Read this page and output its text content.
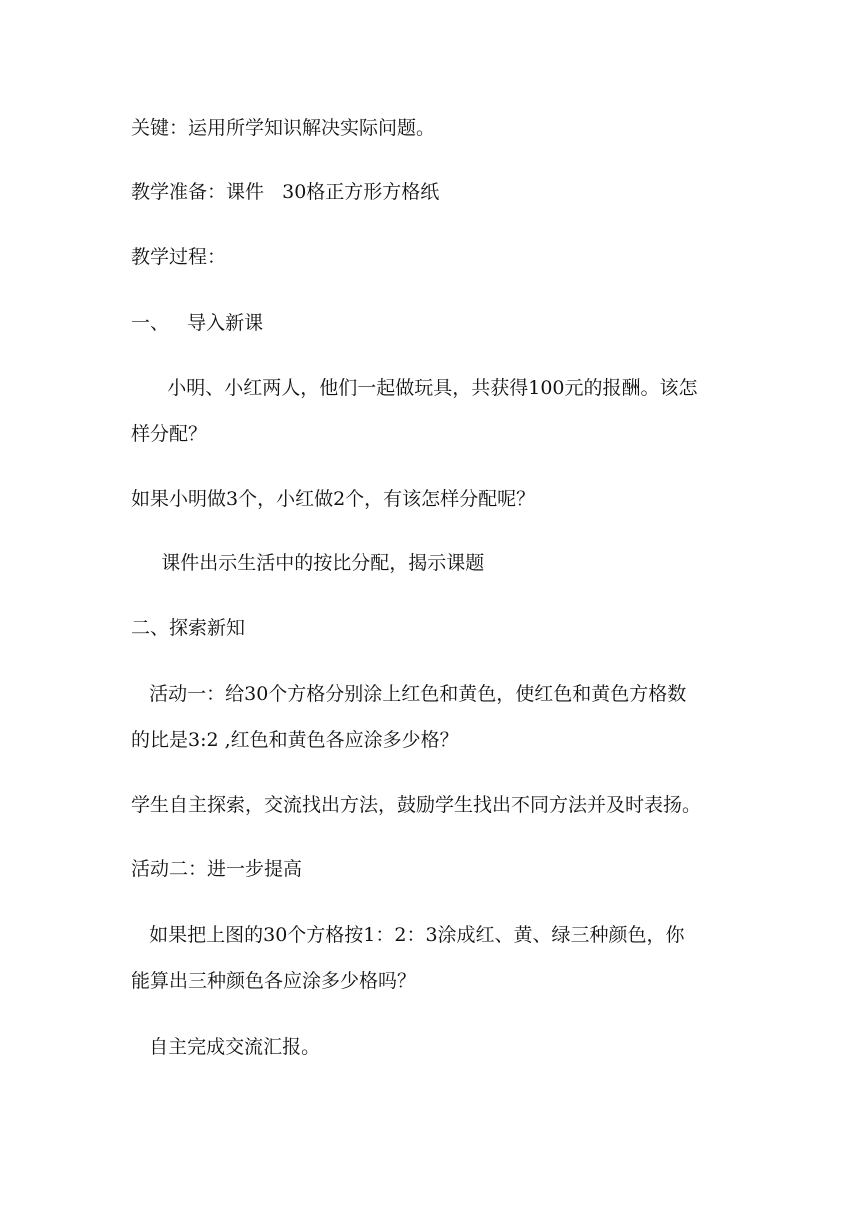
关键：运用所学知识解决实际问题。
教学准备：课件   30格正方形方格纸
教学过程：
一、   导入新课
小明、小红两人，他们一起做玩具，共获得100元的报酬。该怎
样分配？
如果小明做3个，小红做2个，有该怎样分配呢？
课件出示生活中的按比分配，揭示课题
二、探索新知
活动一：给30个方格分别涂上红色和黄色，使红色和黄色方格数
的比是3:2 ,红色和黄色各应涂多少格？
学生自主探索，交流找出方法，鼓励学生找出不同方法并及时表扬。
活动二：进一步提高
如果把上图的30个方格按1：2：3涂成红、黄、绿三种颜色，你
能算出三种颜色各应涂多少格吗？
自主完成交流汇报。
